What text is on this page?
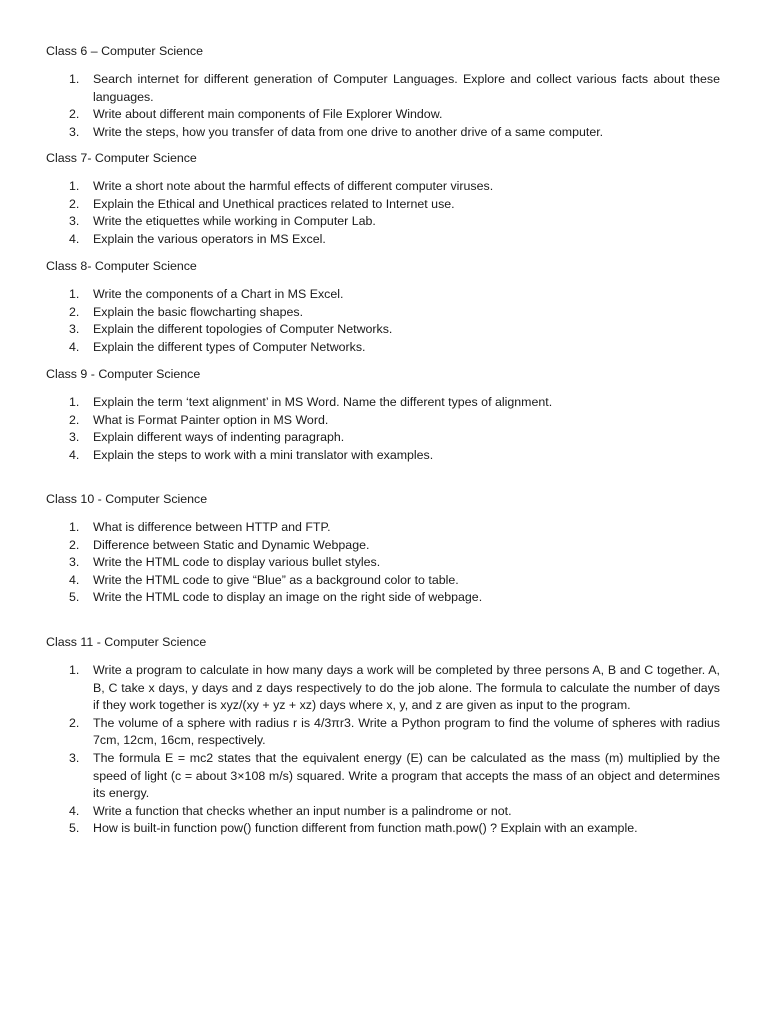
Class 6 – Computer Science

1. Search internet for different generation of Computer Languages. Explore and collect various facts about these languages.
2. Write about different main components of File Explorer Window.
3. Write the steps, how you transfer of data from one drive to another drive of a same computer.

Class 7- Computer Science

1. Write a short note about the harmful effects of different computer viruses.
2. Explain the Ethical and Unethical practices related to Internet use.
3. Write the etiquettes while working in Computer Lab.
4. Explain the various operators in MS Excel.

Class 8- Computer Science

1. Write the components of a Chart in MS Excel.
2. Explain the basic flowcharting shapes.
3. Explain the different topologies of Computer Networks.
4. Explain the different types of Computer Networks.

Class 9 - Computer Science

1. Explain the term ‘text alignment’ in MS Word. Name the different types of alignment.
2. What is Format Painter option in MS Word.
3. Explain different ways of indenting paragraph.
4. Explain the steps to work with a mini translator with examples.

Class 10 - Computer Science

1. What is difference between HTTP and FTP.
2. Difference between Static and Dynamic Webpage.
3. Write the HTML code to display various bullet styles.
4. Write the HTML code to give “Blue” as a background color to table.
5. Write the HTML code to display an image on the right side of webpage.

Class 11 - Computer Science

1. Write a program to calculate in how many days a work will be completed by three persons A, B and C together. A, B, C take x days, y days and z days respectively to do the job alone. The formula to calculate the number of days if they work together is xyz/(xy + yz + xz) days where x, y, and z are given as input to the program.
2. The volume of a sphere with radius r is 4/3πr3. Write a Python program to find the volume of spheres with radius 7cm, 12cm, 16cm, respectively.
3. The formula E = mc2 states that the equivalent energy (E) can be calculated as the mass (m) multiplied by the speed of light (c = about 3×108 m/s) squared. Write a program that accepts the mass of an object and determines its energy.
4. Write a function that checks whether an input number is a palindrome or not.
5. How is built-in function pow() function different from function math.pow() ? Explain with an example.
